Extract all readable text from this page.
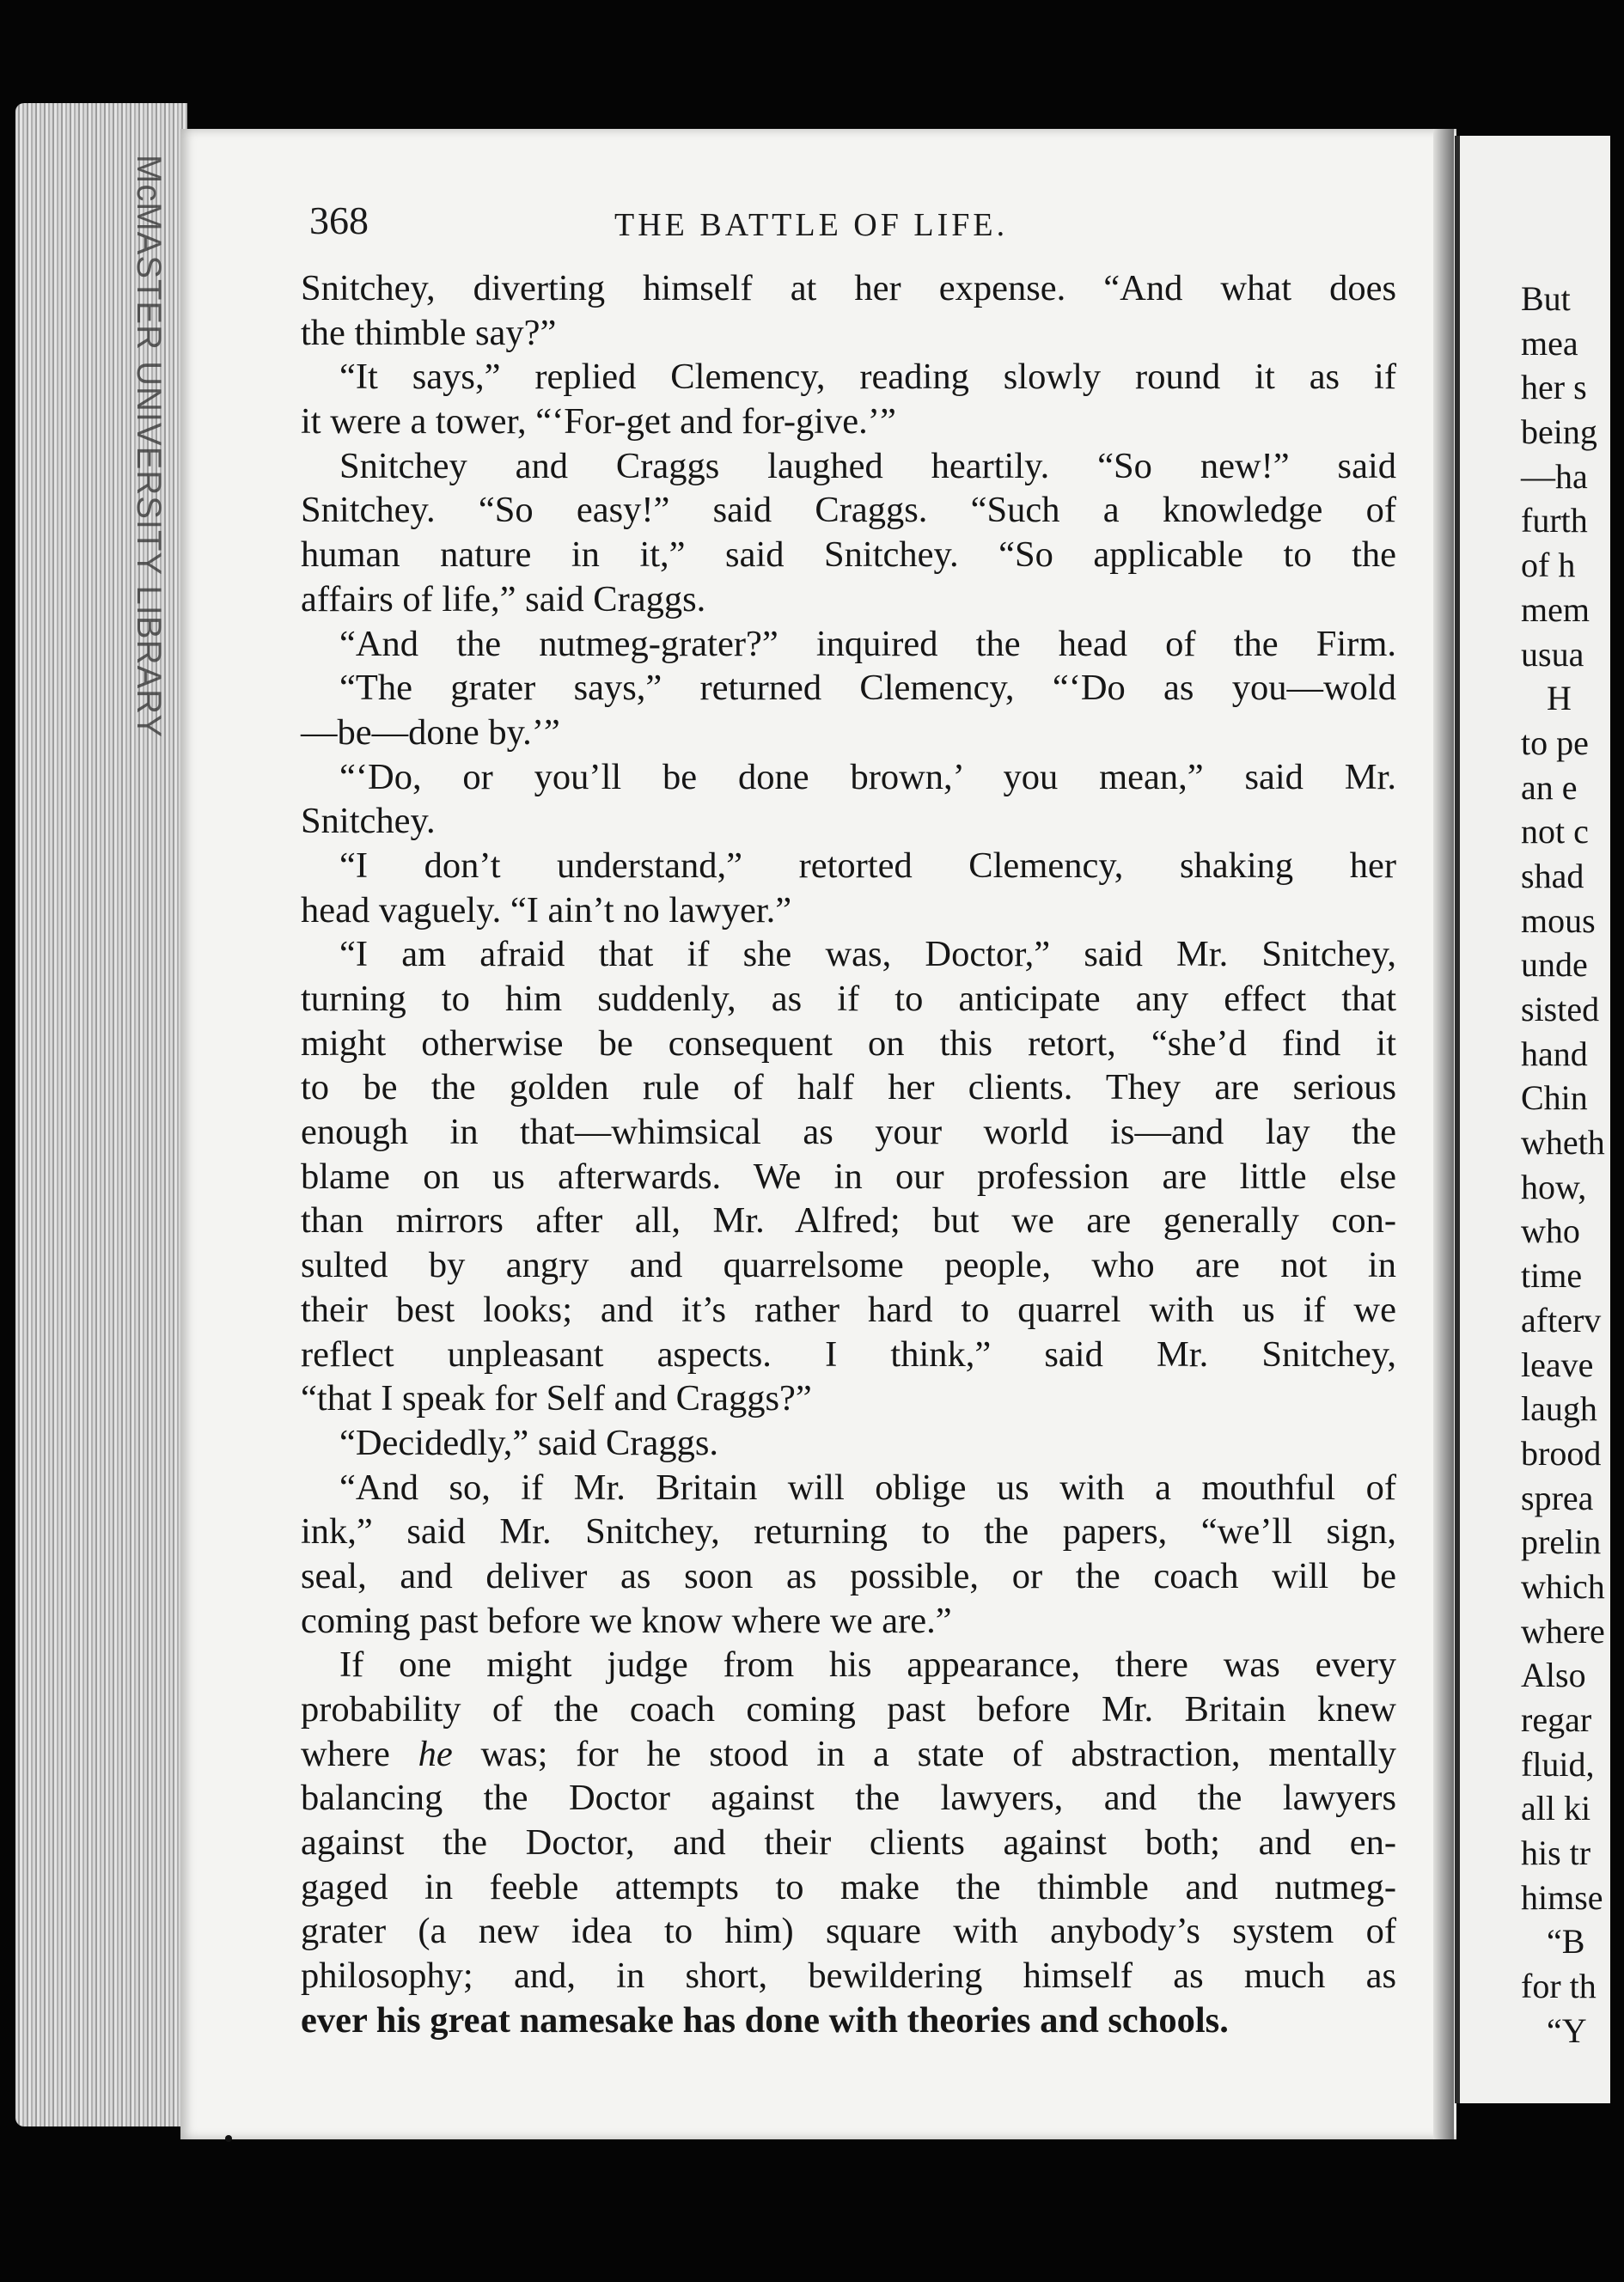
McMASTER UNIVERSITY LIBRARY	368	THE BATTLE OF LIFE.
Snitchey, diverting himself at her expense. “And what does
the thimble say?”
“It says,” replied Clemency, reading slowly round it as if
it were a tower, “‘For-get and for-give.’”
Snitchey and Craggs laughed heartily. “So new!” said
Snitchey. “So easy!” said Craggs. “Such a knowledge of
human nature in it,” said Snitchey. “So applicable to the
affairs of life,” said Craggs.
“And the nutmeg-grater?” inquired the head of the Firm.
“The grater says,” returned Clemency, “‘Do as you—wold
—be—done by.’”
“‘Do, or you’ll be done brown,’ you mean,” said Mr.
Snitchey.
“I don’t understand,” retorted Clemency, shaking her
head vaguely. “I ain’t no lawyer.”
“I am afraid that if she was, Doctor,” said Mr. Snitchey,
turning to him suddenly, as if to anticipate any effect that
might otherwise be consequent on this retort, “she’d find it
to be the golden rule of half her clients. They are serious
enough in that—whimsical as your world is—and lay the
blame on us afterwards. We in our profession are little else
than mirrors after all, Mr. Alfred; but we are generally con-
sulted by angry and quarrelsome people, who are not in
their best looks; and it’s rather hard to quarrel with us if we
reflect unpleasant aspects. I think,” said Mr. Snitchey,
“that I speak for Self and Craggs?”
“Decidedly,” said Craggs.
“And so, if Mr. Britain will oblige us with a mouthful of
ink,” said Mr. Snitchey, returning to the papers, “we’ll sign,
seal, and deliver as soon as possible, or the coach will be
coming past before we know where we are.”
If one might judge from his appearance, there was every
probability of the coach coming past before Mr. Britain knew
where he was; for he stood in a state of abstraction, mentally
balancing the Doctor against the lawyers, and the lawyers
against the Doctor, and their clients against both; and en-
gaged in feeble attempts to make the thimble and nutmeg-
grater (a new idea to him) square with anybody’s system of
philosophy; and, in short, bewildering himself as much as
ever his great namesake has done with theories and schools.
But
mea
her s
being
—ha
furth
of h
mem
usua
H
to pe
an e
not c
shad
mous
unde
sisted
hand
Chin
wheth
how,
who
time
afterv
leave
laugh
brood
sprea
prelin
which
where
Also
regar
fluid,
all ki
his tr
himse
“B
for th
“Y
